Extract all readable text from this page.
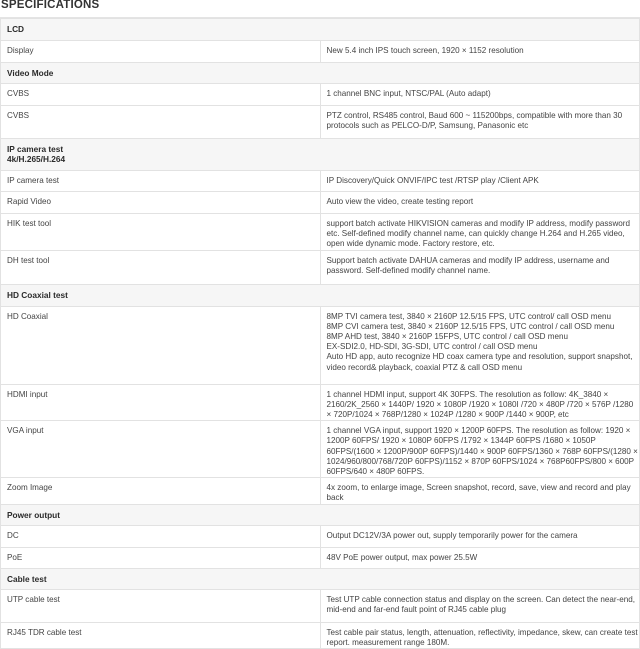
SPECIFICATIONS
LCD	
Display	New 5.4 inch IPS touch screen, 1920 × 1152 resolution
Video Mode	
CVBS	1 channel BNC input, NTSC/PAL (Auto adapt)
CVBS	PTZ control, RS485 control, Baud 600 ~ 115200bps, compatible with more than 30 protocols such as PELCO-D/P, Samsung, Panasonic etc

IP camera test
4k/H.265/H.264	

IP camera test	IP Discovery/Quick ONVIF/IPC test /RTSP play /Client APK
Rapid Video	Auto view the video, create testing report
HIK test tool	support batch activate HIKVISION cameras and modify IP address, modify password etc. Self-defined modify channel name, can quickly change H.264 and H.265 video, open wide dynamic mode. Factory restore, etc.
DH test tool	Support batch activate DAHUA cameras and modify IP address, username and password. Self-defined modify channel name.
HD Coaxial test	
HD Coaxial	8MP TVI camera test, 3840 × 2160P 12.5/15 FPS, UTC control/ call OSD menu
8MP CVI camera test, 3840 × 2160P 12.5/15 FPS, UTC control / call OSD menu
8MP AHD test, 3840 × 2160P 15FPS, UTC control / call OSD menu
EX-SDI2.0, HD-SDI, 3G-SDI, UTC control / call OSD menu
Auto HD app, auto recognize HD coax camera type and resolution, support snapshot, video record& playback, coaxial PTZ & call OSD menu

HDMI input	1 channel HDMI input, support 4K 30FPS. The resolution as follow: 4K_3840 × 2160/2K_2560 × 1440P/ 1920 × 1080P /1920 × 1080I /720 × 480P /720 × 576P /1280 × 720P/1024 × 768P/1280 × 1024P /1280 × 900P /1440 × 900P, etc
VGA input	1 channel VGA input, support 1920 × 1200P 60FPS. The resolution as follow: 1920 × 1200P 60FPS/ 1920 × 1080P 60FPS /1792 × 1344P 60FPS /1680 × 1050P 60FPS/(1600 × 1200P/900P 60FPS)/1440 × 900P 60FPS/1360 × 768P 60FPS/(1280 × 1024/960/800/768/720P 60FPS)/1152 × 870P 60FPS/1024 × 768P60FPS/800 × 600P 60FPS/640 × 480P 60FPS.
Zoom Image	4x zoom, to enlarge image, Screen snapshot, record, save, view and record and play back
Power output	
DC	Output DC12V/3A power out, supply temporarily power for the camera
PoE	48V PoE power output, max power 25.5W
Cable test	
UTP cable test	Test UTP cable connection status and display on the screen. Can detect the near-end, mid-end and far-end fault point of RJ45 cable plug
RJ45 TDR cable test	Test cable pair status, length, attenuation, reflectivity, impedance, skew, can create test report. measurement range 180M.
